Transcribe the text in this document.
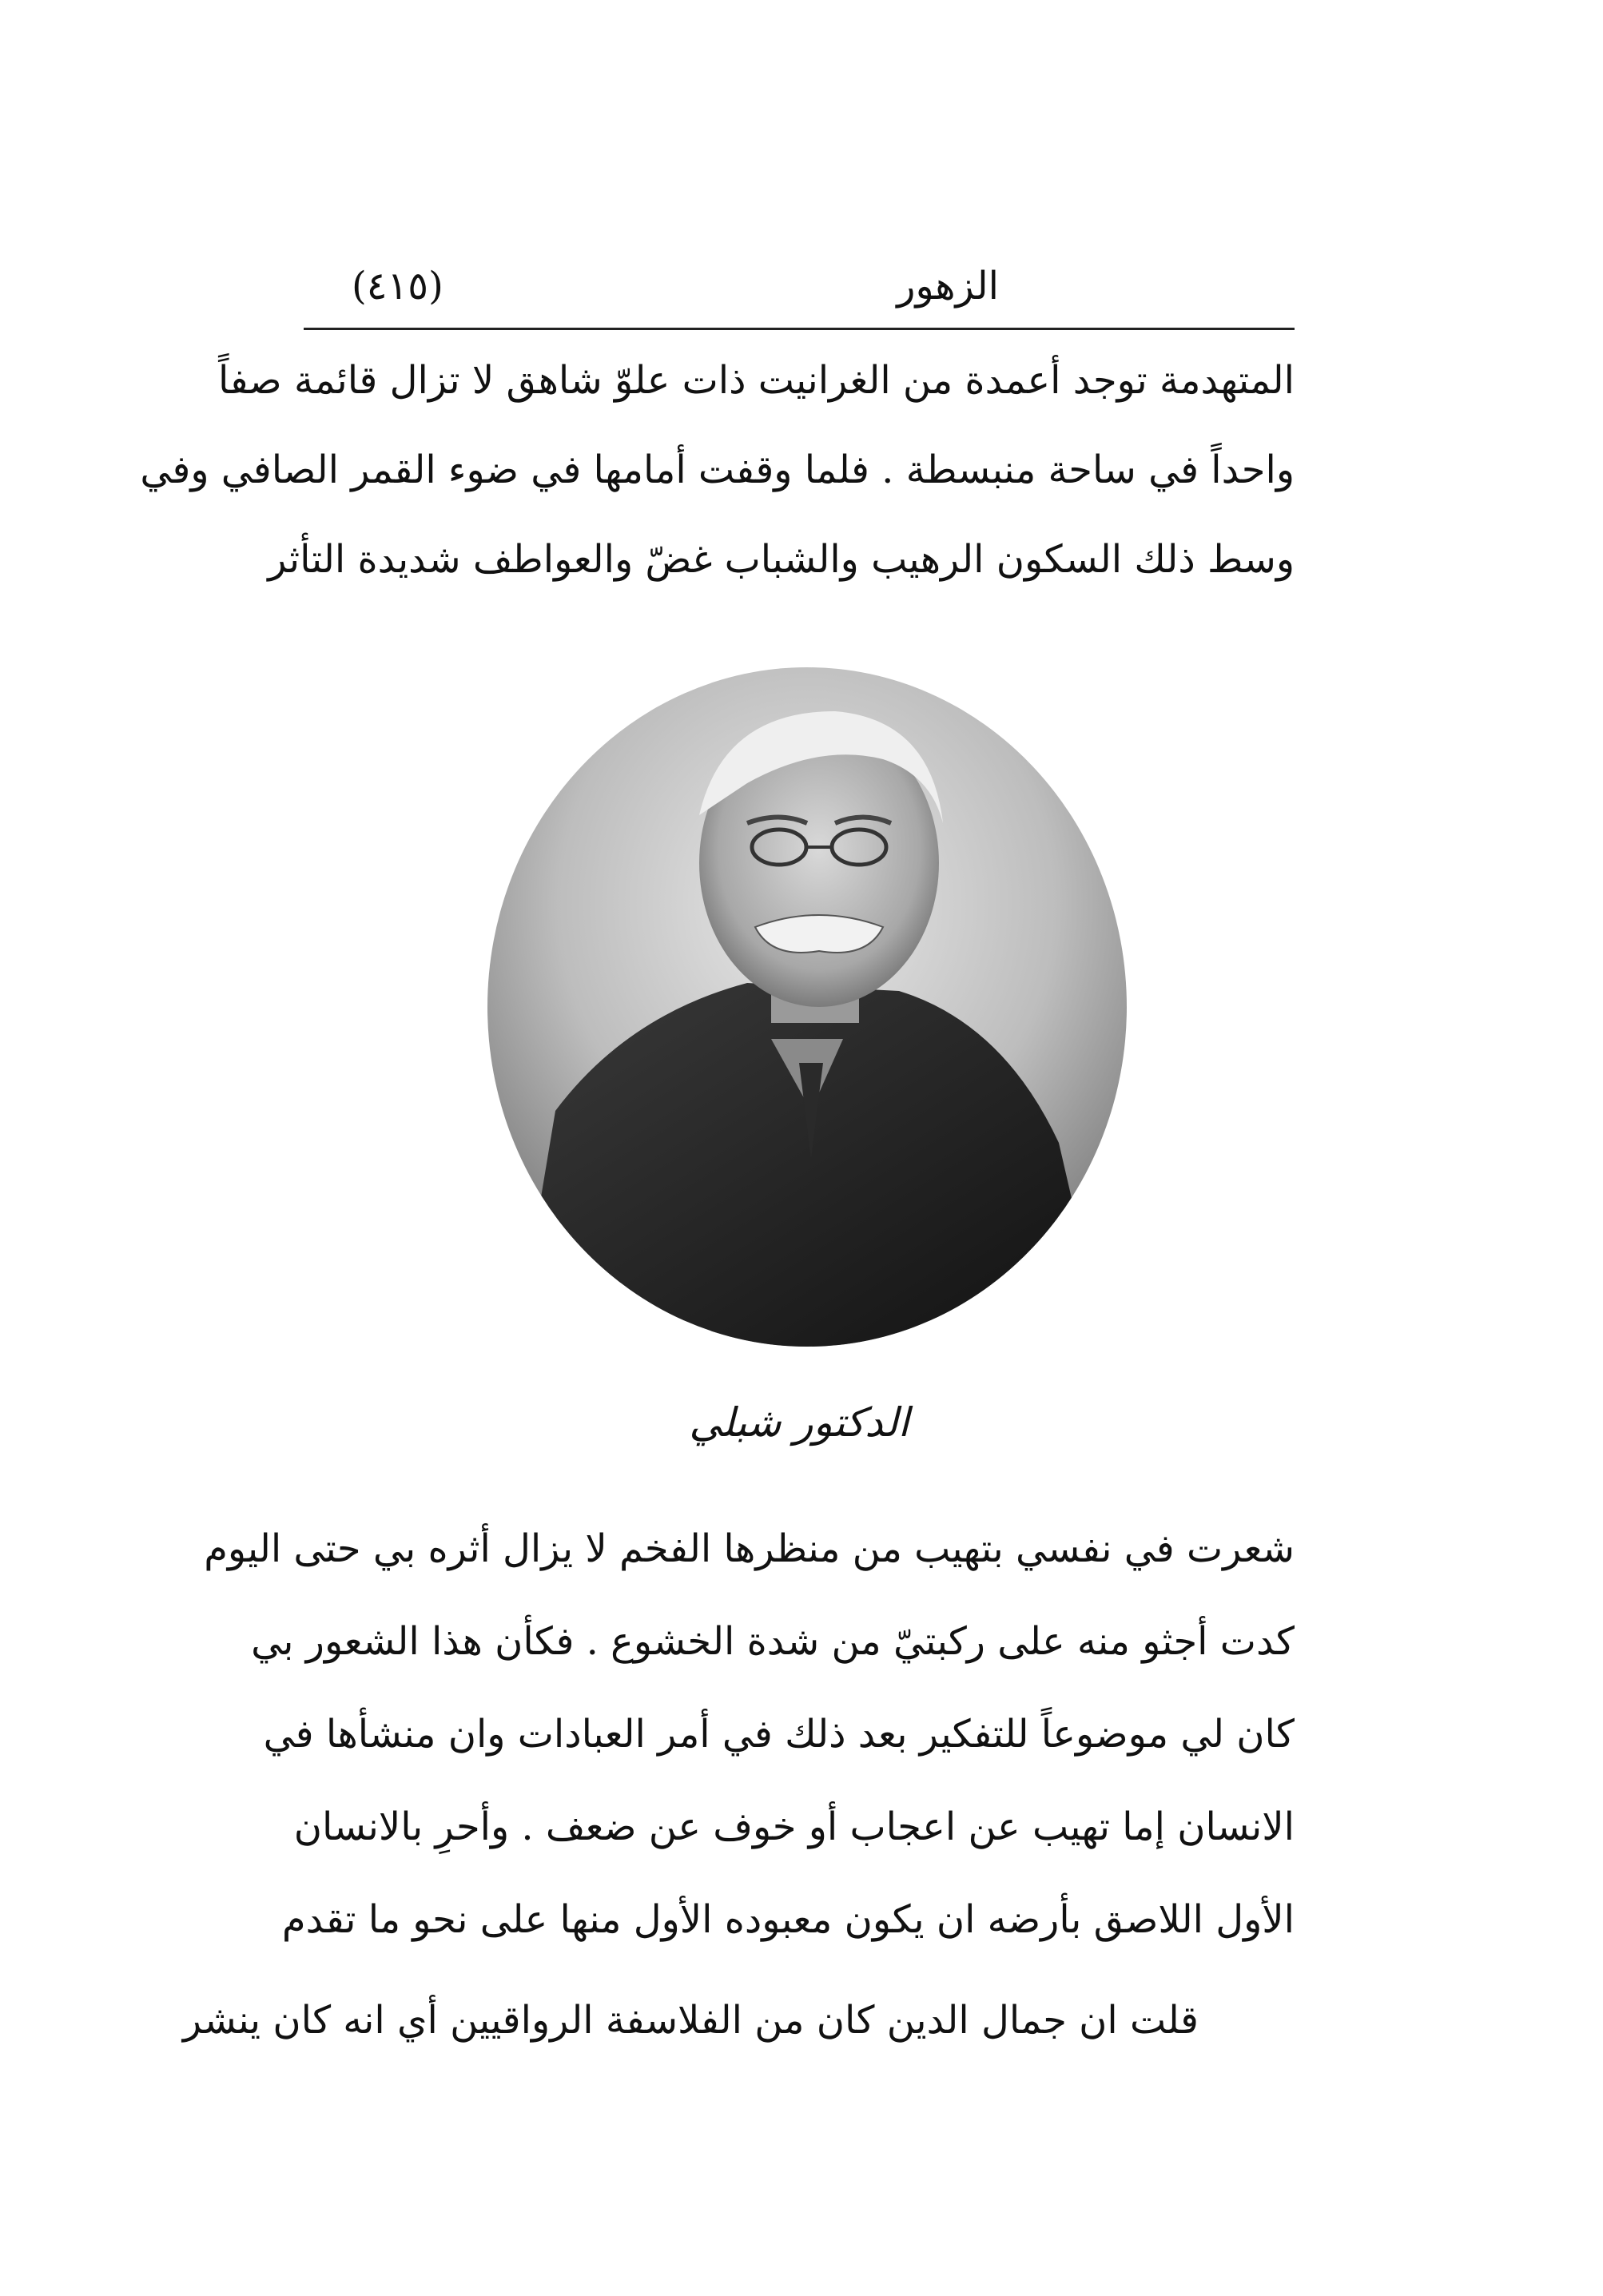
الزهور
(٤١٥)
المتهدمة توجد أعمدة من الغرانيت ذات علوّ شاهق لا تزال قائمة صفاً
واحداً في ساحة منبسطة . فلما وقفت أمامها في ضوء القمر الصافي وفي
وسط ذلك السكون الرهيب والشباب غضّ والعواطف شديدة التأثر
الدكتور شبلي
شعرت في نفسي بتهيب من منظرها الفخم لا يزال أثره بي حتى اليوم
كدت أجثو منه على ركبتيّ من شدة الخشوع . فكأن هذا الشعور بي
كان لي موضوعاً للتفكير بعد ذلك في أمر العبادات وان منشأها في
الانسان إما تهيب عن اعجاب أو خوف عن ضعف . وأحرِ بالانسان
الأول اللاصق بأرضه ان يكون معبوده الأول منها على نحو ما تقدم
قلت ان جمال الدين كان من الفلاسفة الرواقيين أي انه كان ينشر
